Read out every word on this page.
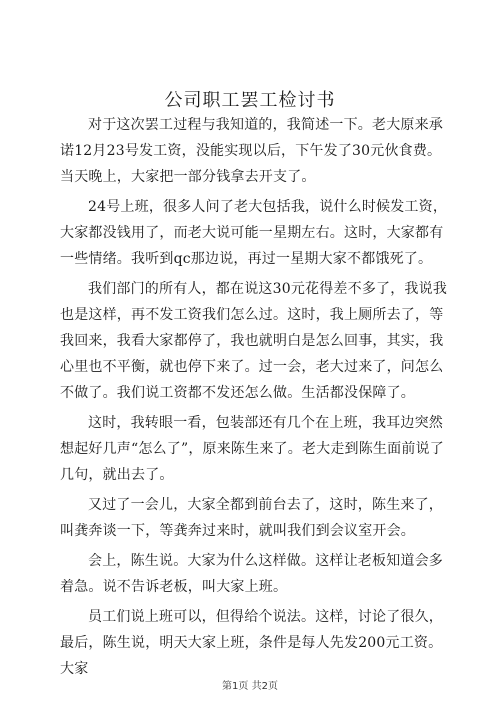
公司职工罢工检讨书

对于这次罢工过程与我知道的，我简述一下。老大原来承诺12月23号发工资，没能实现以后，下午发了30元伙食费。当天晚上，大家把一部分钱拿去开支了。

24号上班，很多人问了老大包括我，说什么时候发工资，大家都没钱用了，而老大说可能一星期左右。这时，大家都有一些情绪。我听到qc那边说，再过一星期大家不都饿死了。

我们部门的所有人，都在说这30元花得差不多了，我说我也是这样，再不发工资我们怎么过。这时，我上厕所去了，等我回来，我看大家都停了，我也就明白是怎么回事，其实，我心里也不平衡，就也停下来了。过一会，老大过来了，问怎么不做了。我们说工资都不发还怎么做。生活都没保障了。

这时，我转眼一看，包装部还有几个在上班，我耳边突然想起好几声“怎么了”，原来陈生来了。老大走到陈生面前说了几句，就出去了。

又过了一会儿，大家全都到前台去了，这时，陈生来了，叫龚奔谈一下，等龚奔过来时，就叫我们到会议室开会。

会上，陈生说。大家为什么这样做。这样让老板知道会多着急。说不告诉老板，叫大家上班。

员工们说上班可以，但得给个说法。这样，讨论了很久，最后，陈生说，明天大家上班，条件是每人先发200元工资。大家

第1页 共2页
